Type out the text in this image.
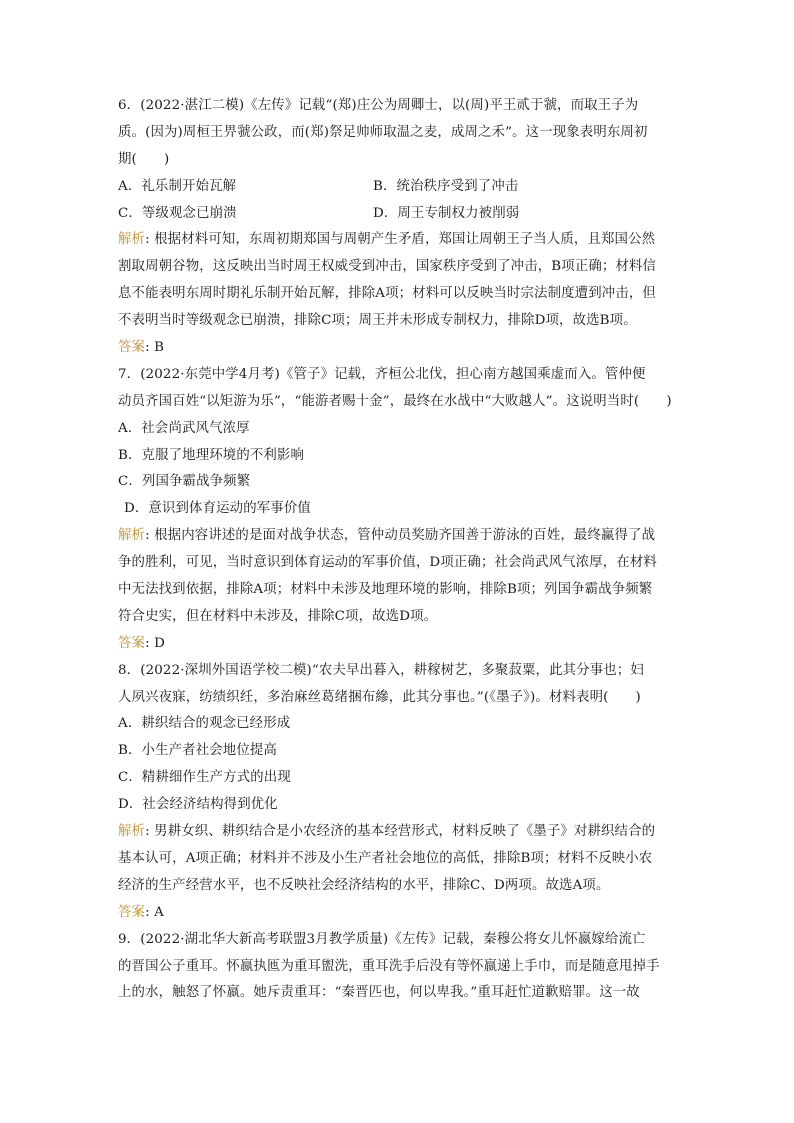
6．(2022·湛江二模)《左传》记载“(郑)庄公为周卿士，以(周)平王贰于虢，而取王子为
质。(因为)周桓王畀虢公政，而(郑)祭足帅师取温之麦，成周之禾”。这一现象表明东周初
期(　　)
A．礼乐制开始瓦解	B．统治秩序受到了冲击
C．等级观念已崩溃	D．周王专制权力被削弱
解析: 根据材料可知，东周初期郑国与周朝产生矛盾，郑国让周朝王子当人质，且郑国公然
割取周朝谷物，这反映出当时周王权威受到冲击，国家秩序受到了冲击，B项正确；材料信
息不能表明东周时期礼乐制开始瓦解，排除A项；材料可以反映当时宗法制度遭到冲击，但
不表明当时等级观念已崩溃，排除C项；周王并未形成专制权力，排除D项，故选B项。
答案: B
7．(2022·东莞中学4月考)《管子》记载，齐桓公北伐，担心南方越国乘虚而入。管仲便
动员齐国百姓“以矩游为乐”，“能游者赐十金”，最终在水战中“大败越人”。这说明当时(　　)
A．社会尚武风气浓厚
B．克服了地理环境的不利影响
C．列国争霸战争频繁
D．意识到体育运动的军事价值
解析: 根据内容讲述的是面对战争状态，管仲动员奖励齐国善于游泳的百姓，最终赢得了战
争的胜利，可见，当时意识到体育运动的军事价值，D项正确；社会尚武风气浓厚，在材料
中无法找到依据，排除A项；材料中未涉及地理环境的影响，排除B项；列国争霸战争频繁
符合史实，但在材料中未涉及，排除C项，故选D项。
答案: D
8．(2022·深圳外国语学校二模)“农夫早出暮入，耕稼树艺，多聚菽粟，此其分事也；妇
人夙兴夜寐，纺绩织纴，多治麻丝葛绪捆布縿，此其分事也。”(《墨子》)。材料表明(　　)
A．耕织结合的观念已经形成
B．小生产者社会地位提高
C．精耕细作生产方式的出现
D．社会经济结构得到优化
解析: 男耕女织、耕织结合是小农经济的基本经营形式，材料反映了《墨子》对耕织结合的
基本认可，A项正确；材料并不涉及小生产者社会地位的高低，排除B项；材料不反映小农
经济的生产经营水平，也不反映社会经济结构的水平，排除C、D两项。故选A项。
答案: A
9．(2022·湖北华大新高考联盟3月教学质量)《左传》记载，秦穆公将女儿怀嬴嫁给流亡
的晋国公子重耳。怀嬴执匜为重耳盥洗，重耳洗手后没有等怀嬴递上手巾，而是随意甩掉手
上的水，触怒了怀嬴。她斥责重耳：“秦晋匹也，何以卑我。”重耳赶忙道歉赔罪。这一故
